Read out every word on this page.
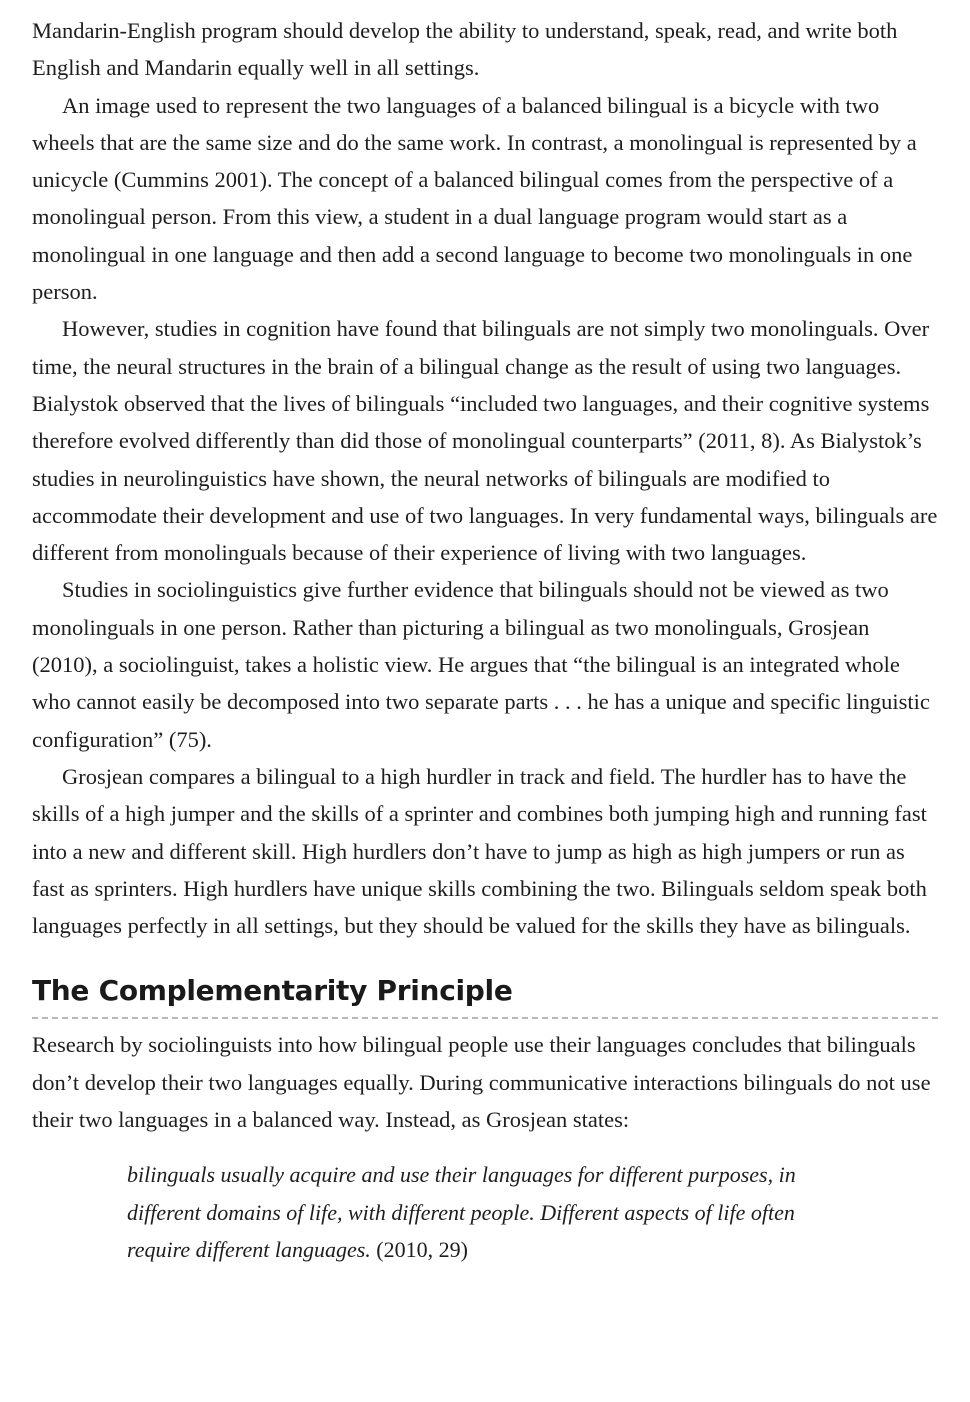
Mandarin-English program should develop the ability to understand, speak, read, and write both English and Mandarin equally well in all settings.

An image used to represent the two languages of a balanced bilingual is a bicycle with two wheels that are the same size and do the same work. In contrast, a monolingual is represented by a unicycle (Cummins 2001). The concept of a balanced bilingual comes from the perspective of a monolingual person. From this view, a student in a dual language program would start as a monolingual in one language and then add a second language to become two monolinguals in one person.

However, studies in cognition have found that bilinguals are not simply two monolinguals. Over time, the neural structures in the brain of a bilingual change as the result of using two languages. Bialystok observed that the lives of bilinguals “included two languages, and their cognitive systems therefore evolved differently than did those of monolingual counterparts” (2011, 8). As Bialystok’s studies in neurolinguistics have shown, the neural networks of bilinguals are modified to accommodate their development and use of two languages. In very fundamental ways, bilinguals are different from monolinguals because of their experience of living with two languages.

Studies in sociolinguistics give further evidence that bilinguals should not be viewed as two monolinguals in one person. Rather than picturing a bilingual as two monolinguals, Grosjean (2010), a sociolinguist, takes a holistic view. He argues that “the bilingual is an integrated whole who cannot easily be decomposed into two separate parts . . . he has a unique and specific linguistic configuration” (75).

Grosjean compares a bilingual to a high hurdler in track and field. The hurdler has to have the skills of a high jumper and the skills of a sprinter and combines both jumping high and running fast into a new and different skill. High hurdlers don’t have to jump as high as high jumpers or run as fast as sprinters. High hurdlers have unique skills combining the two. Bilinguals seldom speak both languages perfectly in all settings, but they should be valued for the skills they have as bilinguals.

The Complementarity Principle

Research by sociolinguists into how bilingual people use their languages concludes that bilinguals don’t develop their two languages equally. During communicative interactions bilinguals do not use their two languages in a balanced way. Instead, as Grosjean states:

bilinguals usually acquire and use their languages for different purposes, in different domains of life, with different people. Different aspects of life often require different languages. (2010, 29)
